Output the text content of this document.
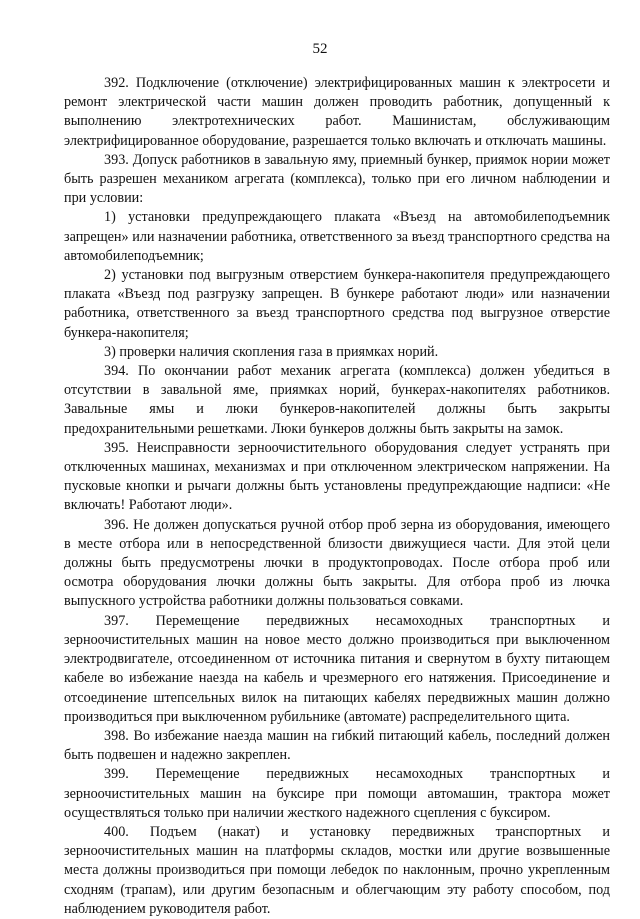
52

392. Подключение (отключение) электрифицированных машин к электросети и ремонт электрической части машин должен проводить работник, допущенный к выполнению электротехнических работ. Машинистам, обслуживающим электрифицированное оборудование, разрешается только включать и отключать машины.

393. Допуск работников в завальную яму, приемный бункер, приямок нории может быть разрешен механиком агрегата (комплекса), только при его личном наблюдении и при условии:

1) установки предупреждающего плаката «Въезд на автомобилеподъемник запрещен» или назначении работника, ответственного за въезд транспортного средства на автомобилеподъемник;

2) установки под выгрузным отверстием бункера-накопителя предупреждающего плаката «Въезд под разгрузку запрещен. В бункере работают люди» или назначении работника, ответственного за въезд транспортного средства под выгрузное отверстие бункера-накопителя;

3) проверки наличия скопления газа в приямках норий.

394. По окончании работ механик агрегата (комплекса) должен убедиться в отсутствии в завальной яме, приямках норий, бункерах-накопителях работников. Завальные ямы и люки бункеров-накопителей должны быть закрыты предохранительными решетками. Люки бункеров должны быть закрыты на замок.

395. Неисправности зерноочистительного оборудования следует устранять при отключенных машинах, механизмах и при отключенном электрическом напряжении. На пусковые кнопки и рычаги должны быть установлены предупреждающие надписи: «Не включать! Работают люди».

396. Не должен допускаться ручной отбор проб зерна из оборудования, имеющего в месте отбора или в непосредственной близости движущиеся части. Для этой цели должны быть предусмотрены лючки в продуктопроводах. После отбора проб или осмотра оборудования лючки должны быть закрыты. Для отбора проб из лючка выпускного устройства работники должны пользоваться совками.

397. Перемещение передвижных несамоходных транспортных и зерноочистительных машин на новое место должно производиться при выключенном электродвигателе, отсоединенном от источника питания и свернутом в бухту питающем кабеле во избежание наезда на кабель и чрезмерного его натяжения. Присоединение и отсоединение штепсельных вилок на питающих кабелях передвижных машин должно производиться при выключенном рубильнике (автомате) распределительного щита.

398. Во избежание наезда машин на гибкий питающий кабель, последний должен быть подвешен и надежно закреплен.

399. Перемещение передвижных несамоходных транспортных и зерноочистительных машин на буксире при помощи автомашин, трактора может осуществляться только при наличии жесткого надежного сцепления с буксиром.

400. Подъем (накат) и установку передвижных транспортных и зерноочистительных машин на платформы складов, мостки или другие возвышенные места должны производиться при помощи лебедок по наклонным, прочно укрепленным сходням (трапам), или другим безопасным и облегчающим эту работу способом, под наблюдением руководителя работ.
